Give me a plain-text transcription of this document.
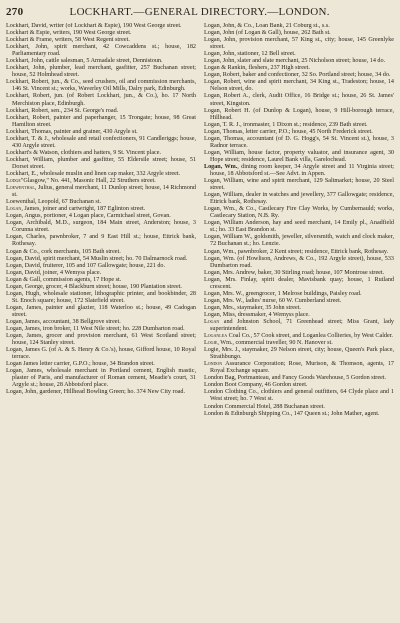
270	LOCKHART.—GENERAL DIRECTORY.—LONDON.

Lockhart, David, writer (of Lockhart & Espie), 190 West George street.

Lockhart & Espie, writers, 190 West George street.

Lockhart & Frame, writers, 58 West Regent street.

Lockhart, John, spirit merchant, 42 Cowcaddens st.; house, 182 Parliamentary road.

Lockhart, John, cattle salesman, 5 Armadale street, Dennistoun.

Lockhart, John, plumber, lead merchant, gasfitter, 257 Buchanan street; house, 52 Holmhead street.

Lockhart, Robert, jun., & Co., seed crushers, oil and commission merchants, 146 St. Vincent st.; works, Waverley Oil Mills, Dalry park, Edinburgh.

Lockhart, Robert, jun. (of Robert Lockhart, jun., & Co.), ho. 17 North Merchiston place, Edinburgh.

Lockhart, Robert, sen., 234 St. George's road.

Lockhart, Robert, painter and paperhanger, 15 Trongate; house, 98 Great Hamilton street.

Lockhart, Thomas, painter and grainer, 430 Argyle st.

Lockhart, T. & J., wholesale and retail confectioners, 91 Candleriggs; house, 430 Argyle street.

Lockhart's & Watson, clothiers and hatters, 9 St. Vincent place.

Lockhart, William, plumber and gasfitter, 55 Eldersile street; house, 51 Dorset street.

Lockhart, E., wholesale muslin and linen cap maker, 332 Argyle street.

Lodge"Glasgow," No. 441, Masonic Hall, 22 Struthers street.

Loewenthal, Julius, general merchant, 11 Dunlop street; house, 14 Richmond st.

Loewenthal, Leopold, 67 Buchanan st.

Logan, James, joiner and cartwright, 187 Eglinton street.

Logan, Angus, portioner, 4 Logan place, Carmichael street, Govan.

Logan, Archibald, M.D., surgeon, 184 Main street, Anderston; house, 3 Corunna street.

Logan, Charles, pawnbroker, 7 and 9 East Hill st.; house, Ettrick bank, Rothesay.

Logan & Co., cork merchants, 105 Bath street.

Logan, David, spirit merchant, 54 Muslin street; ho. 70 Dalmarnock road.

Logan, David, fruiterer, 105 and 107 Gallowgate; house, 221 do.

Logan, David, joiner, 4 Wemyss place.

Logan & Gall, commission agents, 17 Hope st.

Logan, George, grocer, 4 Blackburn street; house, 190 Plantation street.

Logan, Hugh, wholesale stationer, lithographic printer, and bookbinder, 28 St. Enoch square; house, 172 Slatefield street.

Logan, James, painter and glazier, 118 Waterloo st.; house, 49 Cadogan street.

Logan, James, accountant, 38 Bellgrove street.

Logan, James, iron broker, 11 West Nile street; ho. 228 Dumbarton road.

Logan, James, grocer and provision merchant, 61 West Scotland street; house, 124 Stanley street.

Logan, James G. (of A. & S. Henry & Co.'s), house, Gifford house, 10 Royal terrace.

Logan James letter carrier, G.P.O.; house, 34 Brandon street.

Logan, James, wholesale merchant in Portland cement, English mastic, plaster of Paris, and manufacturer of Roman cement, Meadie's court, 31 Argyle st.; house, 28 Abbotsford place.

Logan, John, gardener, Hillhead Bowling Green; ho. 374 New City road.

Logan, John, & Co., Loan Bank, 21 Coburg st., s.s.

Logan, John (of Logan & Gall), house, 262 Bath st.

Logan, John, provision merchant, 57 King st., city; house, 145 Greenlyke street.

Logan, John, stationer, 12 Bell street.

Logan, John, slater and slate merchant, 25 Nicholson street; house, 14 do.

Logan & Rankin, fleshers, 237 High street.

Logan, Robert, baker and confectioner, 32 So. Portland street; house, 34 do.

Logan, Robert, wine and spirit merchant, 34 King st., Tradeston; house, 14 Nelson street, do.

Logan, Robert A., clerk, Audit Office, 16 Bridge st.; house, 26 St. James' street, Kingston.

Logan, Robert H. (of Dunlop & Logan), house, 9 Hill-borough terrace, Hillhead.

Logan, T. R. J., ironmaster, 1 Dixon st.; residence, 239 Bath street.

Logan, Thomas, letter carrier, P.O.; house, 45 North Frederick street.

Logan, Thomas, accountant (of D. G. Hogg's, 54 St. Vincent st.), house, 3 Radnor terrace.

Logan, William, house factor, property valuator, and insurance agent, 30 Hope street; residence, Laurel Bank villa, Garelochead.

Logan, Wm., dining room keeper, 34 Argyle street and 11 Virginia street; house, 18 Abbotsford st.—See Advt. in Appen.

Logan, William, wine and spirit merchant, 129 Saltmarket; house, 20 Steel street.

Logan, William, dealer in watches and jewellery, 377 Gallowgate; residence, Ettrick bank, Rothesay.

Logan, Wm., & Co., Castlecary Fire Clay Works, by Cumbernauld; works, Castlecary Station, N.B. Ry.

Logan, William Anderson, hay and seed merchant, 14 Emily pl., Anadfield st.; ho. 33 East Brandon st.

Logan, William W., goldsmith, jeweller, silversmith, watch and clock maker, 72 Buchanan st.; ho. Lenzie.

Logan, Wm., pawnbroker, 2 Kent street; residence, Ettrick bank, Rothesay.

Logan, Wm. (of Howlison, Andrews, & Co., 192 Argyle street), house, 533 Dumbarton road.

Logan, Mrs. Andrew, baker, 30 Stirling road; house, 107 Montrose street.

Logan, Mrs. Finlay, spirit dealer, Mavisbank quay; house, 1 Rutland crescent.

Logan, Mrs. W., greengrocer, 1 Melrose buildings, Paisley road.

Logan, Mrs. W., ladies' nurse, 60 W. Cumberland street.

Logan, Mrs., staymaker, 35 John street.

Logan, Miss, dressmaker, 4 Wemyss place.

Logan and Johnston School, 71 Greenhead street; Miss Grant, lady superintendent.

Loganlea Coal Co., 57 Cook street, and Loganlea Collieries, by West Calder.

Logie, Wm., commercial traveller, 90 N. Hanover st.

Logie, Mrs. J., staymaker, 29 Nelson street, city; house, Queen's Park place, Strathbungo.

London Assurance Corporation; Rose, Murison, & Thomson, agents, 17 Royal Exchange square.

London Bag, Portmanteau, and Fancy Goods Warehouse, 5 Gordon street.

London Boot Company, 46 Gordon street.

London Clothing Co., clothiers and general outfitters, 64 Clyde place and 1 West street; ho. 7 West st.

London Commercial Hotel, 288 Buchanan street.

London & Edinburgh Shipping Co., 147 Queen st.; John Mather, agent.
